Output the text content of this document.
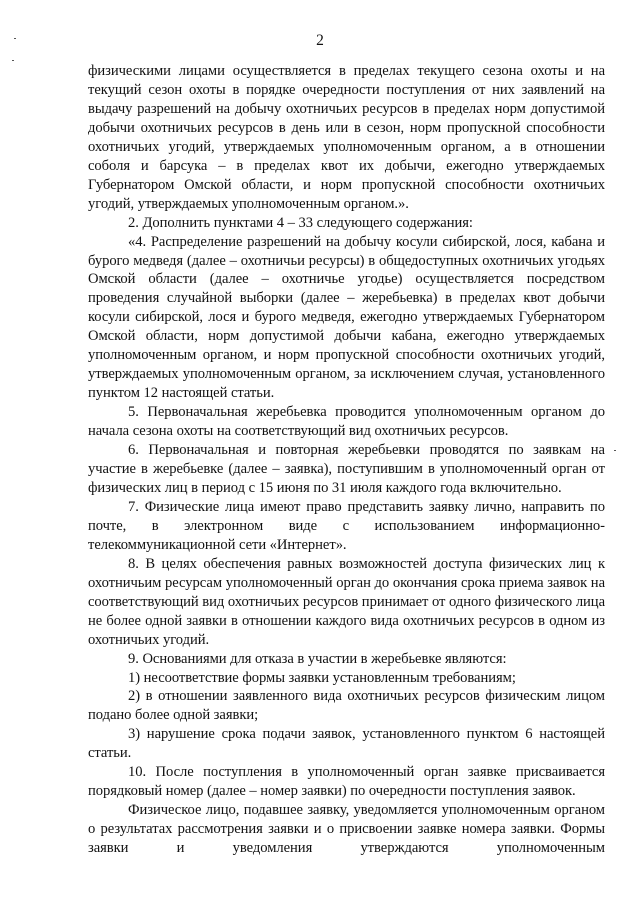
2

физическими лицами осуществляется в пределах текущего сезона охоты и на текущий сезон охоты в порядке очередности поступления от них заявлений на выдачу разрешений на добычу охотничьих ресурсов в пределах норм допустимой добычи охотничьих ресурсов в день или в сезон, норм пропускной способности охотничьих угодий, утверждаемых уполномоченным органом, а в отношении соболя и барсука – в пределах квот их добычи, ежегодно утверждаемых Губернатором Омской области, и норм пропускной способности охотничьих угодий, утверждаемых уполномоченным органом.».

2. Дополнить пунктами 4 – 33 следующего содержания:

«4. Распределение разрешений на добычу косули сибирской, лося, кабана и бурого медведя (далее – охотничьи ресурсы) в общедоступных охотничьих угодьях Омской области (далее – охотничье угодье) осуществляется посредством проведения случайной выборки (далее – жеребьевка) в пределах квот добычи косули сибирской, лося и бурого медведя, ежегодно утверждаемых Губернатором Омской области, норм допустимой добычи кабана, ежегодно утверждаемых уполномоченным органом, и норм пропускной способности охотничьих угодий, утверждаемых уполномоченным органом, за исключением случая, установленного пунктом 12 настоящей статьи.

5. Первоначальная жеребьевка проводится уполномоченным органом до начала сезона охоты на соответствующий вид охотничьих ресурсов.

6. Первоначальная и повторная жеребьевки проводятся по заявкам на участие в жеребьевке (далее – заявка), поступившим в уполномоченный орган от физических лиц в период с 15 июня по 31 июля каждого года включительно.

7. Физические лица имеют право представить заявку лично, направить по почте, в электронном виде с использованием информационно-телекоммуникационной сети «Интернет».

8. В целях обеспечения равных возможностей доступа физических лиц к охотничьим ресурсам уполномоченный орган до окончания срока приема заявок на соответствующий вид охотничьих ресурсов принимает от одного физического лица не более одной заявки в отношении каждого вида охотничьих ресурсов в одном из охотничьих угодий.

9. Основаниями для отказа в участии в жеребьевке являются:

1) несоответствие формы заявки установленным требованиям;

2) в отношении заявленного вида охотничьих ресурсов физическим лицом подано более одной заявки;

3) нарушение срока подачи заявок, установленного пунктом 6 настоящей статьи.

10. После поступления в уполномоченный орган заявке присваивается порядковый номер (далее – номер заявки) по очередности поступления заявок.

Физическое лицо, подавшее заявку, уведомляется уполномоченным органом о результатах рассмотрения заявки и о присвоении заявке номера заявки. Формы заявки и уведомления утверждаются уполномоченным
